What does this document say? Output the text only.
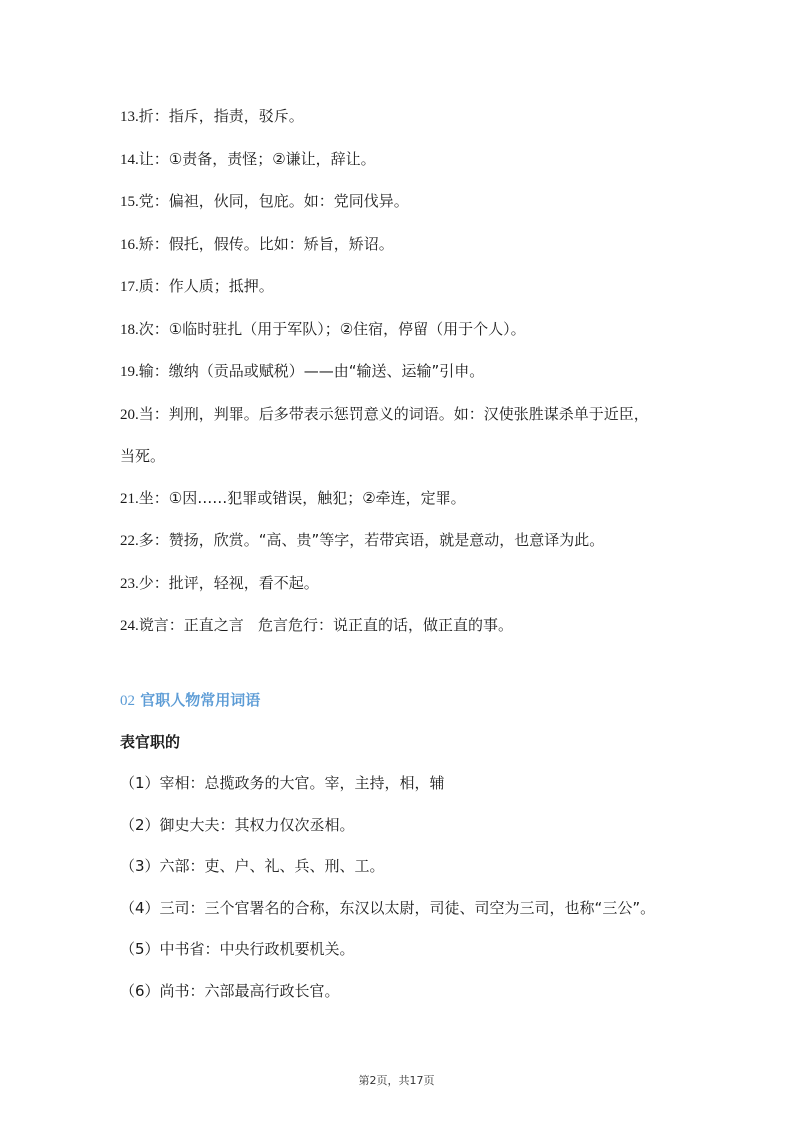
13.折：指斥，指责，驳斥。

14.让：①责备，责怪；②谦让，辞让。

15.党：偏袒，伙同，包庇。如：党同伐异。

16.矫：假托，假传。比如：矫旨，矫诏。

17.质：作人质；抵押。

18.次：①临时驻扎（用于军队）；②住宿，停留（用于个人）。

19.输：缴纳（贡品或赋税）——由“输送、运输”引申。

20.当：判刑，判罪。后多带表示惩罚意义的词语。如：汉使张胜谋杀单于近臣，
当死。

21.坐：①因……犯罪或错误，触犯；②牵连，定罪。

22.多：赞扬，欣赏。“高、贵”等字，若带宾语，就是意动，也意译为此。

23.少：批评，轻视，看不起。

24.谠言：正直之言   危言危行：说正直的话，做正直的事。

02 官职人物常用词语
表官职的

（1）宰相：总揽政务的大官。宰，主持，相，辅

（2）御史大夫：其权力仅次丞相。

（3）六部：吏、户、礼、兵、刑、工。

（4）三司：三个官署名的合称，东汉以太尉，司徒、司空为三司，也称“三公”。

（5）中书省：中央行政机要机关。

（6）尚书：六部最高行政长官。

第2页，共17页
